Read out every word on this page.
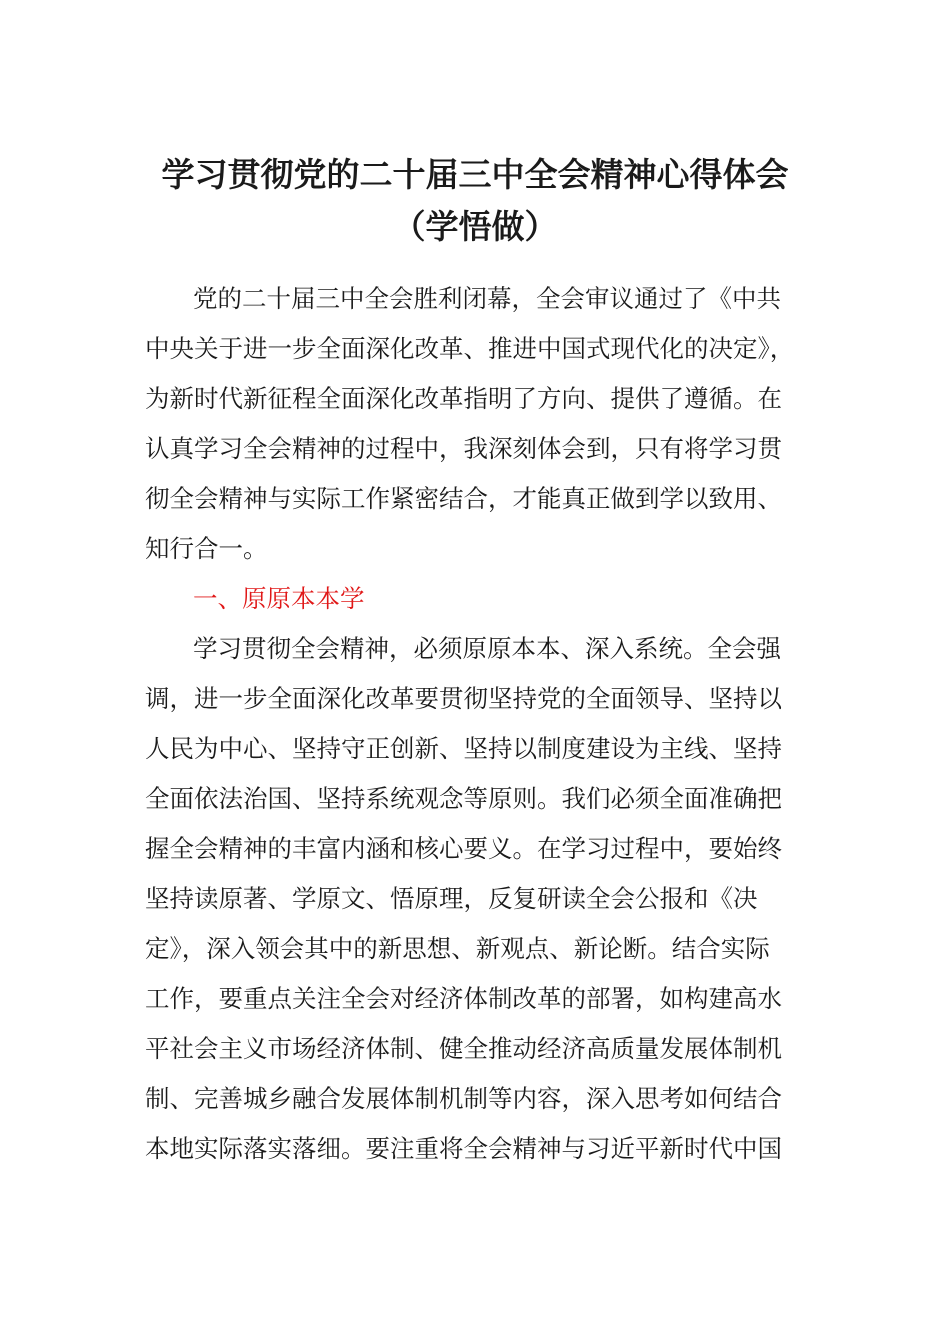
学习贯彻党的二十届三中全会精神心得体会
（学悟做）

党的二十届三中全会胜利闭幕，全会审议通过了《中共

中央关于进一步全面深化改革、推进中国式现代化的决定》，

为新时代新征程全面深化改革指明了方向、提供了遵循。在

认真学习全会精神的过程中，我深刻体会到，只有将学习贯

彻全会精神与实际工作紧密结合，才能真正做到学以致用、

知行合一。

一、原原本本学

学习贯彻全会精神，必须原原本本、深入系统。全会强

调，进一步全面深化改革要贯彻坚持党的全面领导、坚持以

人民为中心、坚持守正创新、坚持以制度建设为主线、坚持

全面依法治国、坚持系统观念等原则。我们必须全面准确把

握全会精神的丰富内涵和核心要义。在学习过程中，要始终

坚持读原著、学原文、悟原理，反复研读全会公报和《决

定》，深入领会其中的新思想、新观点、新论断。结合实际

工作，要重点关注全会对经济体制改革的部署，如构建高水

平社会主义市场经济体制、健全推动经济高质量发展体制机

制、完善城乡融合发展体制机制等内容，深入思考如何结合

本地实际落实落细。要注重将全会精神与习近平新时代中国
